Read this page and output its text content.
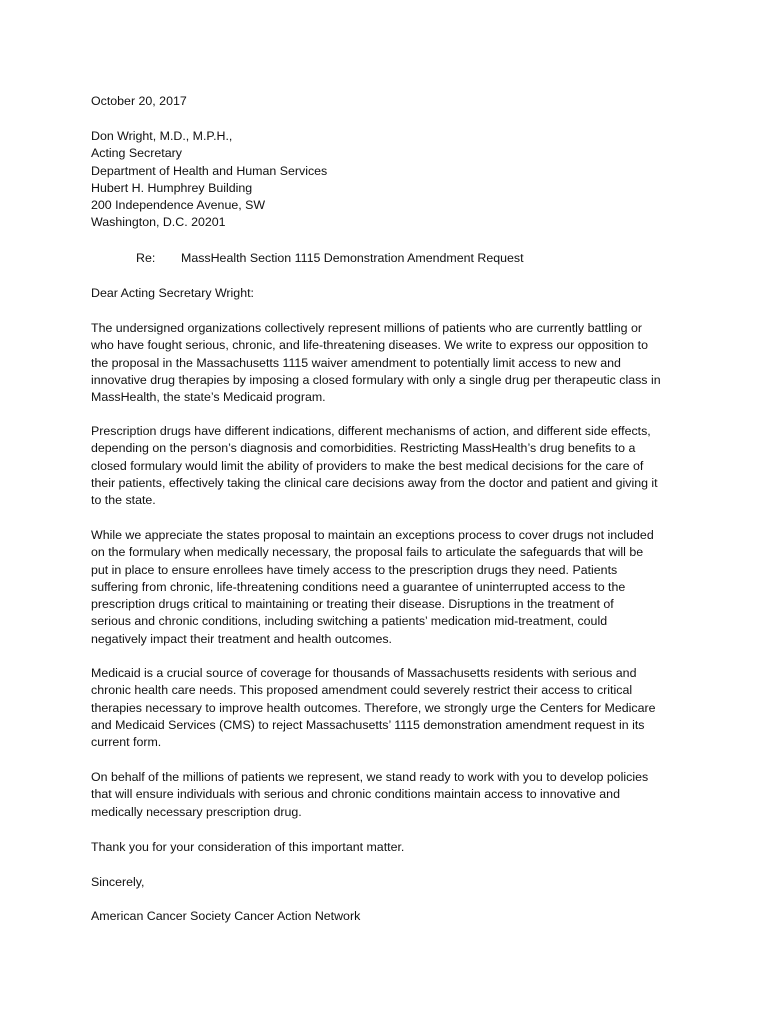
October 20, 2017
Don Wright, M.D., M.P.H.,
Acting Secretary
Department of Health and Human Services
Hubert H. Humphrey Building
200 Independence Avenue, SW
Washington, D.C. 20201
Re: MassHealth Section 1115 Demonstration Amendment Request
Dear Acting Secretary Wright:
The undersigned organizations collectively represent millions of patients who are currently battling or
who have fought serious, chronic, and life-threatening diseases. We write to express our opposition to
the proposal in the Massachusetts 1115 waiver amendment to potentially limit access to new and
innovative drug therapies by imposing a closed formulary with only a single drug per therapeutic class in
MassHealth, the state’s Medicaid program.
Prescription drugs have different indications, different mechanisms of action, and different side effects,
depending on the person’s diagnosis and comorbidities. Restricting MassHealth’s drug benefits to a
closed formulary would limit the ability of providers to make the best medical decisions for the care of
their patients, effectively taking the clinical care decisions away from the doctor and patient and giving it
to the state.
While we appreciate the states proposal to maintain an exceptions process to cover drugs not included
on the formulary when medically necessary, the proposal fails to articulate the safeguards that will be
put in place to ensure enrollees have timely access to the prescription drugs they need. Patients
suffering from chronic, life-threatening conditions need a guarantee of uninterrupted access to the
prescription drugs critical to maintaining or treating their disease. Disruptions in the treatment of
serious and chronic conditions, including switching a patients’ medication mid-treatment, could
negatively impact their treatment and health outcomes.
Medicaid is a crucial source of coverage for thousands of Massachusetts residents with serious and
chronic health care needs. This proposed amendment could severely restrict their access to critical
therapies necessary to improve health outcomes. Therefore, we strongly urge the Centers for Medicare
and Medicaid Services (CMS) to reject Massachusetts’ 1115 demonstration amendment request in its
current form.
On behalf of the millions of patients we represent, we stand ready to work with you to develop policies
that will ensure individuals with serious and chronic conditions maintain access to innovative and
medically necessary prescription drug.
Thank you for your consideration of this important matter.
Sincerely,
American Cancer Society Cancer Action Network
